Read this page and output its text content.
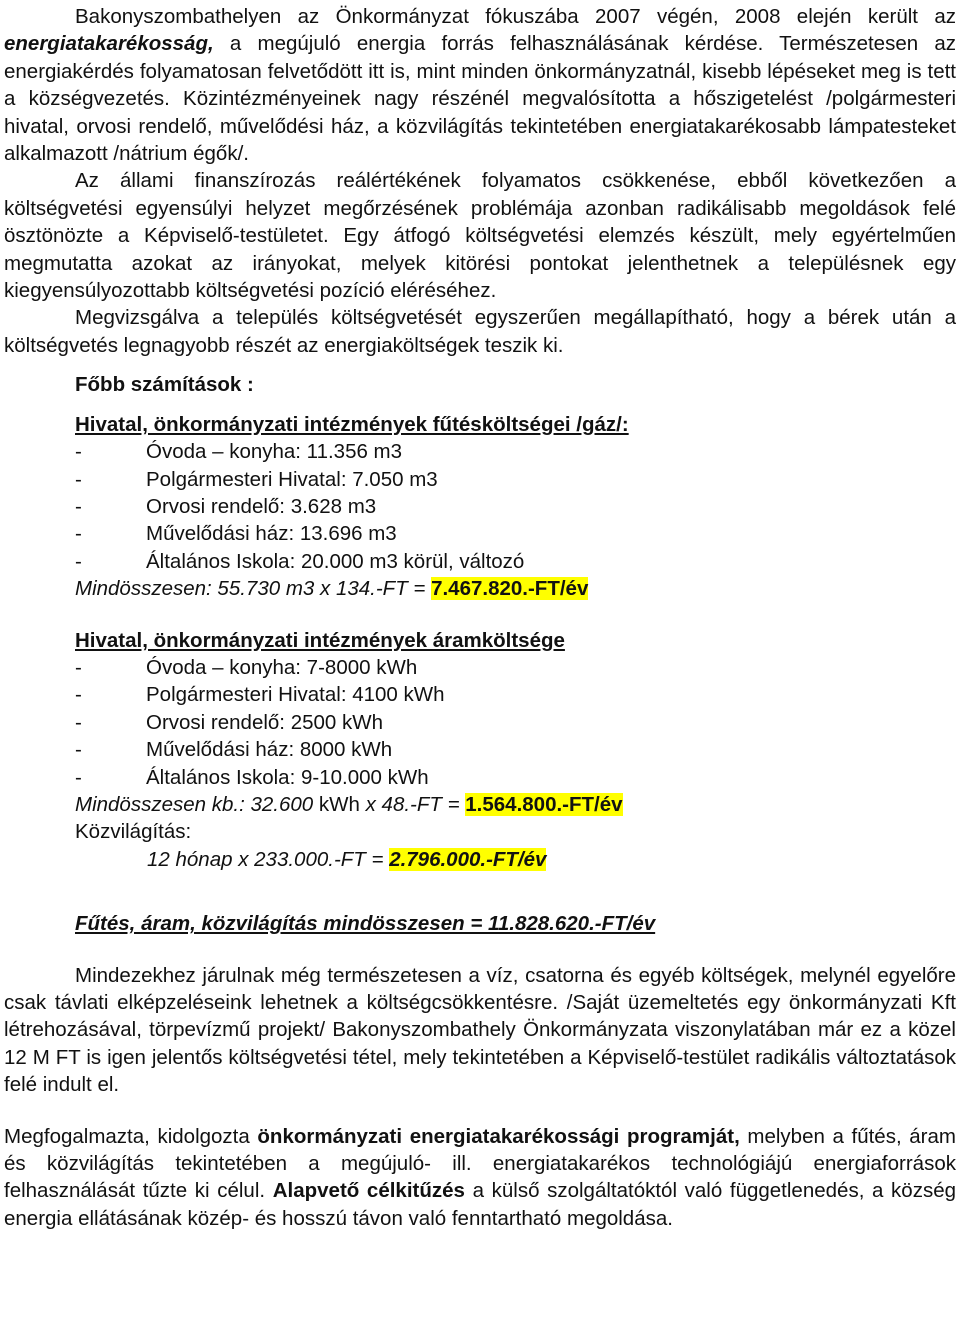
Bakonyszombathelyen az Önkormányzat fókuszába 2007 végén, 2008 elején került az energiatakarékosság, a megújuló energia forrás felhasználásának kérdése. Természetesen az energiakérdés folyamatosan felvetődött itt is, mint minden önkormányzatnál, kisebb lépéseket meg is tett a községvezetés. Közintézményeinek nagy részénél megvalósította a hőszigetelést /polgármesteri hivatal, orvosi rendelő, művelődési ház, a közvilágítás tekintetében energiatakarékosabb lámpatesteket alkalmazott /nátrium égők/.

Az állami finanszírozás reálértékének folyamatos csökkenése, ebből következően a költségvetési egyensúlyi helyzet megőrzésének problémája azonban radikálisabb megoldások felé ösztönözte a Képviselő-testületet. Egy átfogó költségvetési elemzés készült, mely egyértelműen megmutatta azokat az irányokat, melyek kitörési pontokat jelenthetnek a településnek egy kiegyensúlyozottabb költségvetési pozíció eléréséhez.

Megvizsgálva a település költségvetését egyszerűen megállapítható, hogy a bérek után a költségvetés legnagyobb részét az energiaköltségek teszik ki.

Főbb számítások :
Hivatal, önkormányzati intézmények fűtésköltségei /gáz/:
-	Óvoda – konyha: 11.356 m3
-	Polgármesteri Hivatal: 7.050 m3
-	Orvosi rendelő: 3.628 m3
-	Művelődási ház: 13.696 m3
-	Általános Iskola: 20.000 m3 körül, változó
Mindösszesen: 55.730 m3 x 134.-FT = 7.467.820.-FT/év
Hivatal, önkormányzati intézmények áramköltsége
-	Óvoda – konyha: 7-8000 kWh
-	Polgármesteri Hivatal: 4100 kWh
-	Orvosi rendelő: 2500 kWh
-	Művelődási ház: 8000 kWh
-	Általános Iskola: 9-10.000 kWh
Mindösszesen kb.: 32.600 kWh x 48.-FT = 1.564.800.-FT/év
Közvilágítás:
12 hónap x 233.000.-FT = 2.796.000.-FT/év
Fűtés, áram, közvilágítás mindösszesen = 11.828.620.-FT/év

Mindezekhez járulnak még természetesen a víz, csatorna és egyéb költségek, melynél egyelőre csak távlati elképzeléseink lehetnek a költségcsökkentésre. /Saját üzemeltetés egy önkormányzati Kft létrehozásával, törpevízmű projekt/ Bakonyszombathely Önkormányzata viszonylatában már ez a közel 12 M FT is igen jelentős költségvetési tétel, mely tekintetében a Képviselő-testület radikális változtatások felé indult el.

Megfogalmazta, kidolgozta önkormányzati energiatakarékossági programját, melyben a fűtés, áram és közvilágítás tekintetében a megújuló- ill. energiatakarékos technológiájú energiaforrások felhasználását tűzte ki célul. Alapvető célkitűzés a külső szolgáltatóktól való függetlenedés, a község energia ellátásának közép- és hosszú távon való fenntartható megoldása.
